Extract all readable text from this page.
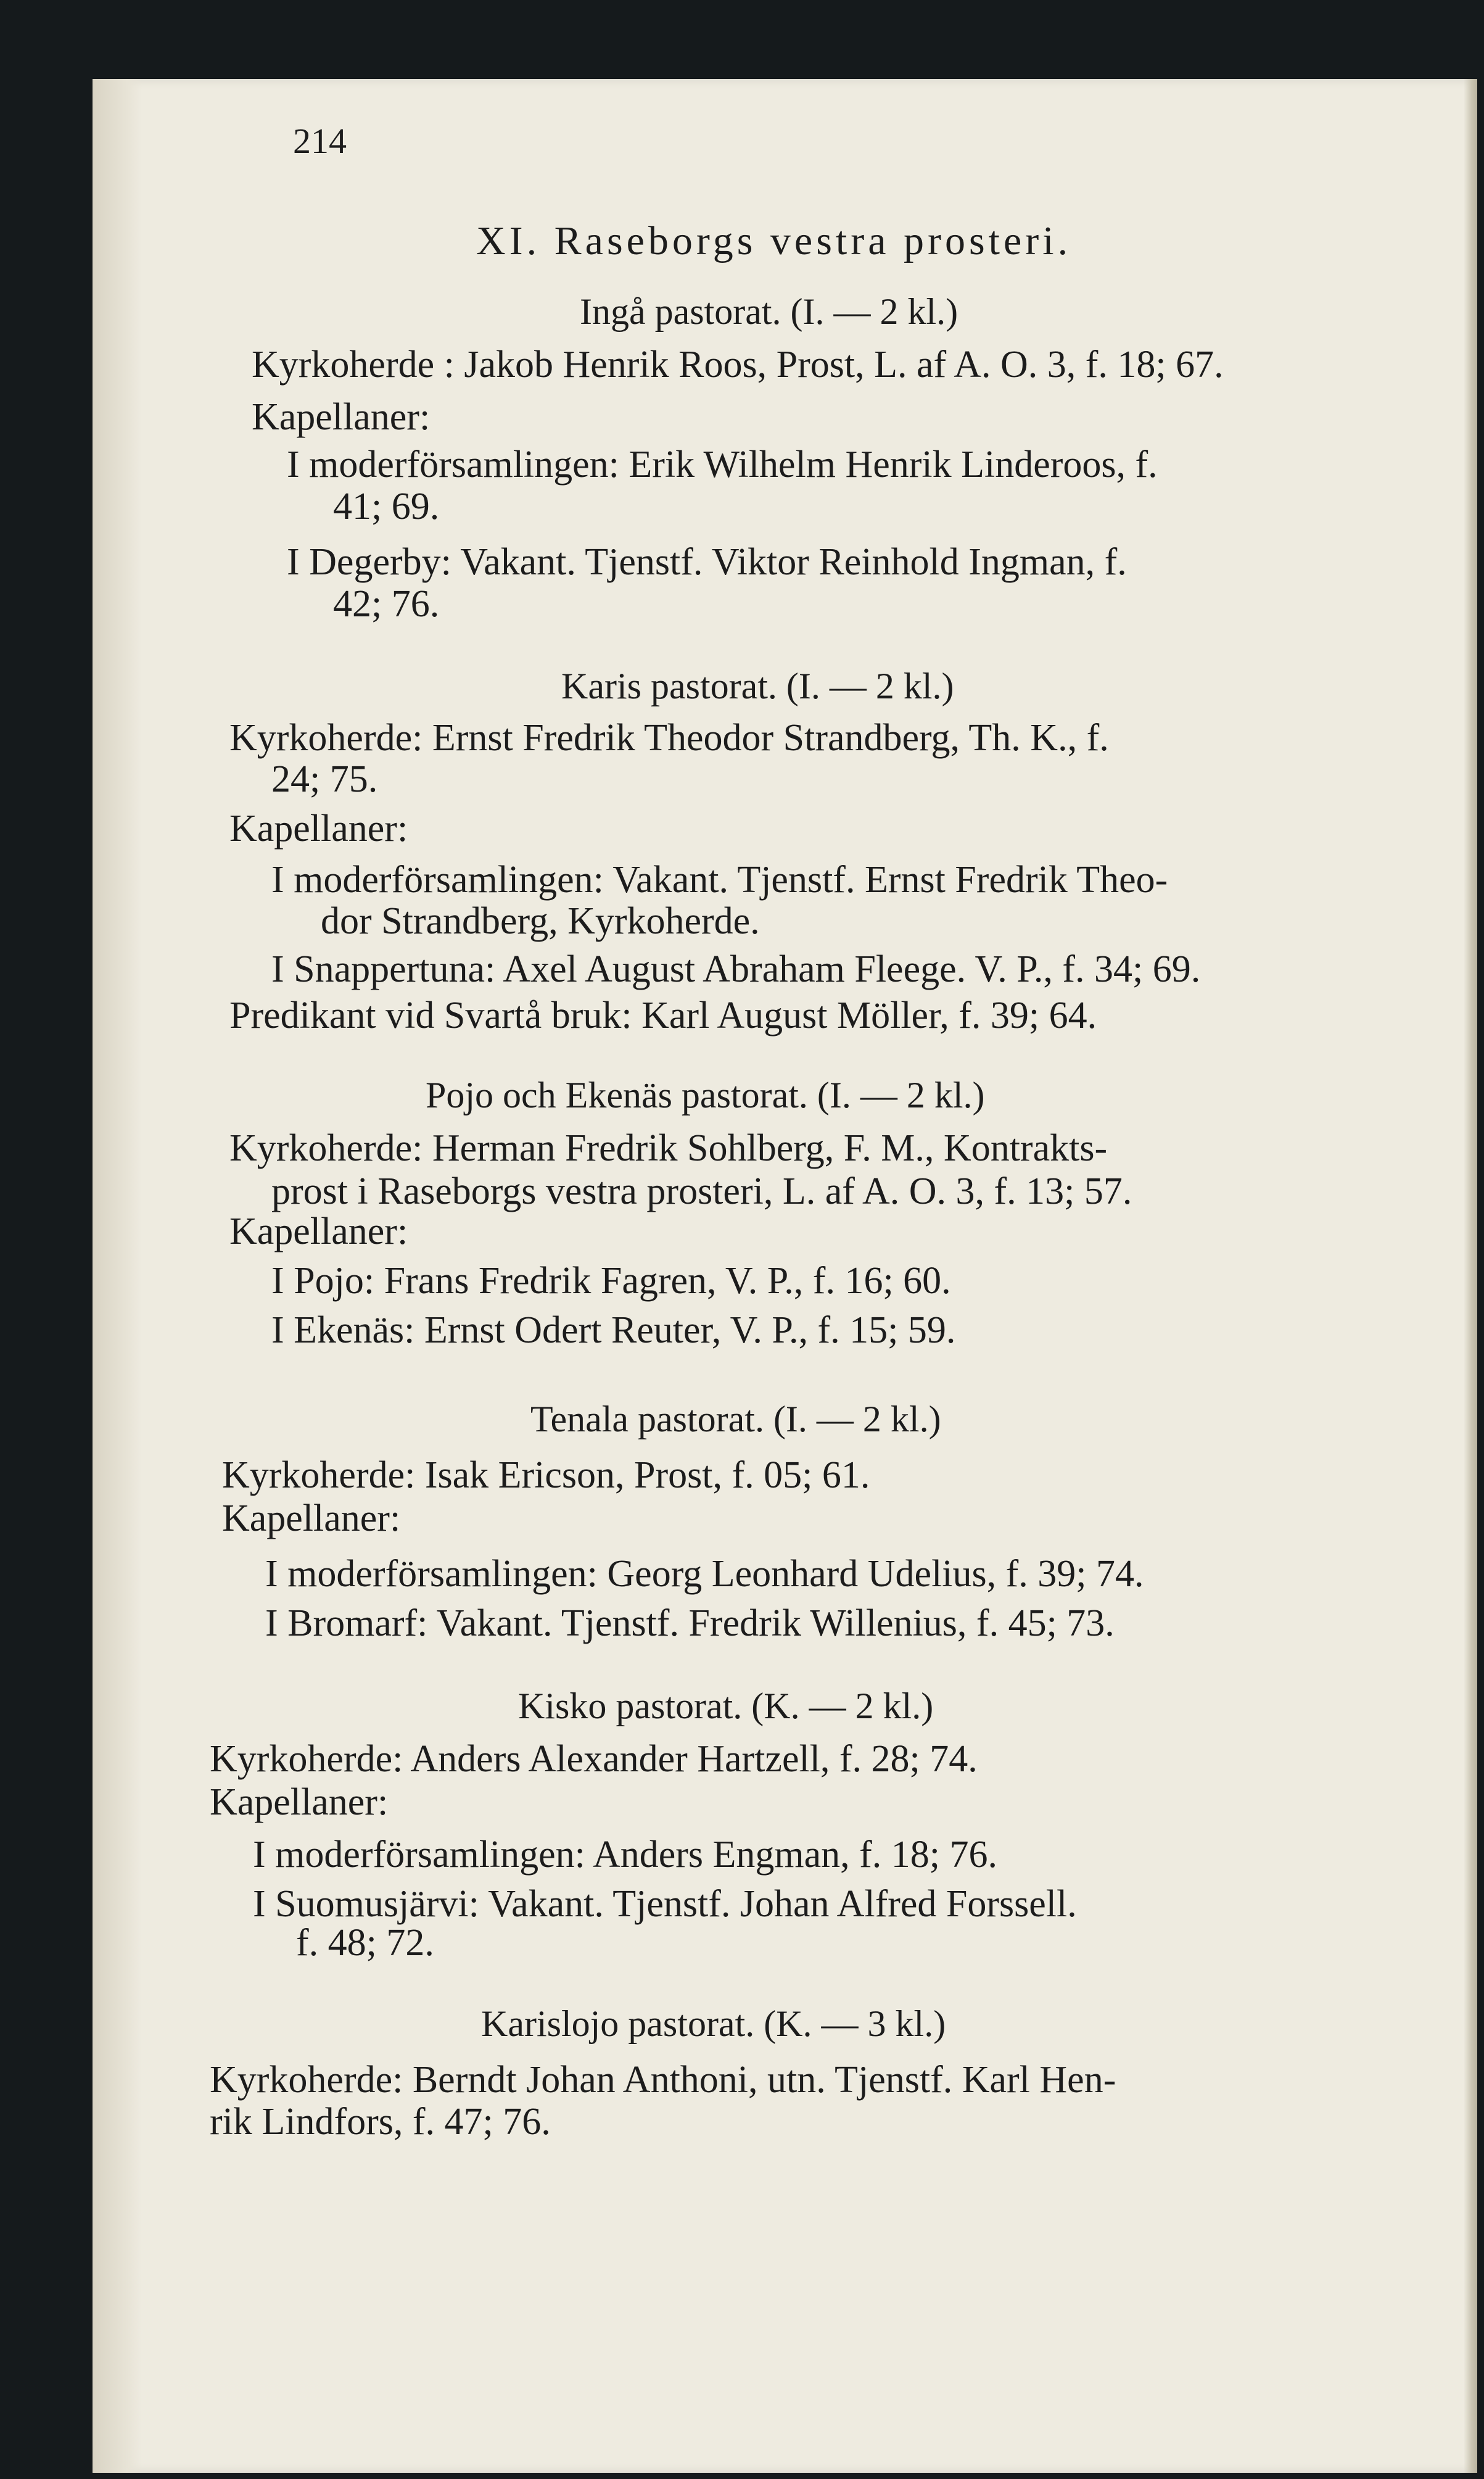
214

XI. Raseborgs vestra prosteri.

Ingå pastorat. (I. — 2 kl.)

Kyrkoherde : Jakob Henrik Roos, Prost, L. af A. O. 3, f. 18; 67.

Kapellaner:

I moderförsamlingen: Erik Wilhelm Henrik Linderoos, f.

41; 69.

I Degerby: Vakant. Tjenstf. Viktor Reinhold Ingman, f.

42; 76.

Karis pastorat. (I. — 2 kl.)

Kyrkoherde: Ernst Fredrik Theodor Strandberg, Th. K., f.

24; 75.

Kapellaner:

I moderförsamlingen: Vakant. Tjenstf. Ernst Fredrik Theo-

dor Strandberg, Kyrkoherde.

I Snappertuna: Axel August Abraham Fleege. V. P., f. 34; 69.

Predikant vid Svartå bruk: Karl August Möller, f. 39; 64.

Pojo och Ekenäs pastorat. (I. — 2 kl.)

Kyrkoherde: Herman Fredrik Sohlberg, F. M., Kontrakts-

prost i Raseborgs vestra prosteri, L. af A. O. 3, f. 13; 57.

Kapellaner:

I Pojo: Frans Fredrik Fagren, V. P., f. 16; 60.

I Ekenäs: Ernst Odert Reuter, V. P., f. 15; 59.

Tenala pastorat. (I. — 2 kl.)

Kyrkoherde: Isak Ericson, Prost, f. 05; 61.

Kapellaner:

I moderförsamlingen: Georg Leonhard Udelius, f. 39; 74.

I Bromarf: Vakant. Tjenstf. Fredrik Willenius, f. 45; 73.

Kisko pastorat. (K. — 2 kl.)

Kyrkoherde: Anders Alexander Hartzell, f. 28; 74.

Kapellaner:

I moderförsamlingen: Anders Engman, f. 18; 76.

I Suomusjärvi: Vakant. Tjenstf. Johan Alfred Forssell.

f. 48; 72.

Karislojo pastorat. (K. — 3 kl.)

Kyrkoherde: Berndt Johan Anthoni, utn. Tjenstf. Karl Hen-

rik Lindfors, f. 47; 76.
